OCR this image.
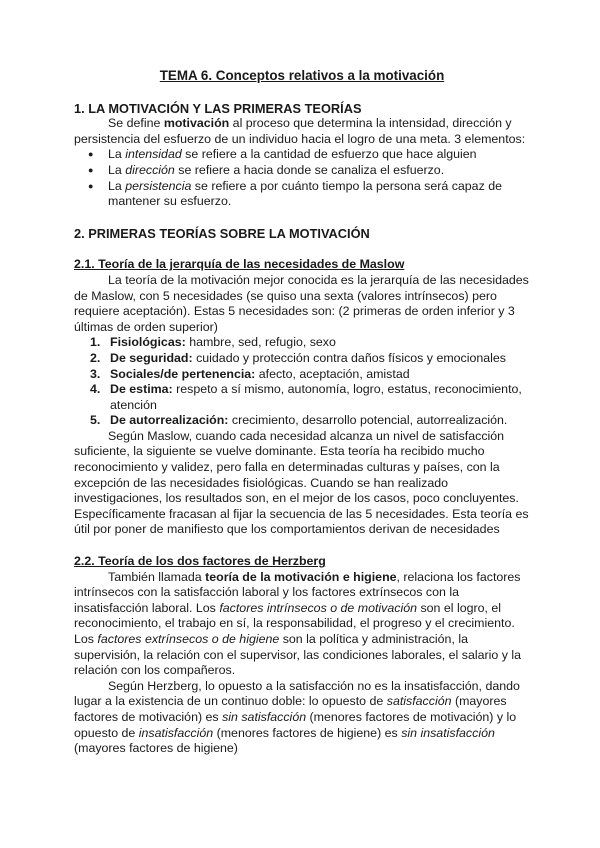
TEMA 6. Conceptos relativos a la motivación
1. LA MOTIVACIÓN Y LAS PRIMERAS TEORÍAS

Se define motivación al proceso que determina la intensidad, dirección y persistencia del esfuerzo de un individuo hacia el logro de una meta. 3 elementos:

● La intensidad se refiere a la cantidad de esfuerzo que hace alguien
● La dirección se refiere a hacia donde se canaliza el esfuerzo.
● La persistencia se refiere a por cuánto tiempo la persona será capaz de mantener su esfuerzo.
2. PRIMERAS TEORÍAS SOBRE LA MOTIVACIÓN
2.1. Teoría de la jerarquía de las necesidades de Maslow

La teoría de la motivación mejor conocida es la jerarquía de las necesidades de Maslow, con 5 necesidades (se quiso una sexta (valores intrínsecos) pero requiere aceptación). Estas 5 necesidades son: (2 primeras de orden inferior y 3 últimas de orden superior)

1. Fisiológicas: hambre, sed, refugio, sexo
2. De seguridad: cuidado y protección contra daños físicos y emocionales
3. Sociales/de pertenencia: afecto, aceptación, amistad
4. De estima: respeto a sí mismo, autonomía, logro, estatus, reconocimiento, atención
5. De autorrealización: crecimiento, desarrollo potencial, autorrealización.

Según Maslow, cuando cada necesidad alcanza un nivel de satisfacción suficiente, la siguiente se vuelve dominante. Esta teoría ha recibido mucho reconocimiento y validez, pero falla en determinadas culturas y países, con la excepción de las necesidades fisiológicas. Cuando se han realizado investigaciones, los resultados son, en el mejor de los casos, poco concluyentes. Específicamente fracasan al fijar la secuencia de las 5 necesidades. Esta teoría es útil por poner de manifiesto que los comportamientos derivan de necesidades

2.2. Teoría de los dos factores de Herzberg

También llamada teoría de la motivación e higiene, relaciona los factores intrínsecos con la satisfacción laboral y los factores extrínsecos con la insatisfacción laboral. Los factores intrínsecos o de motivación son el logro, el reconocimiento, el trabajo en sí, la responsabilidad, el progreso y el crecimiento. Los factores extrínsecos o de higiene son la política y administración, la supervisión, la relación con el supervisor, las condiciones laborales, el salario y la relación con los compañeros.

Según Herzberg, lo opuesto a la satisfacción no es la insatisfacción, dando lugar a la existencia de un continuo doble: lo opuesto de satisfacción (mayores factores de motivación) es sin satisfacción (menores factores de motivación) y lo opuesto de insatisfacción (menores factores de higiene) es sin insatisfacción (mayores factores de higiene)
